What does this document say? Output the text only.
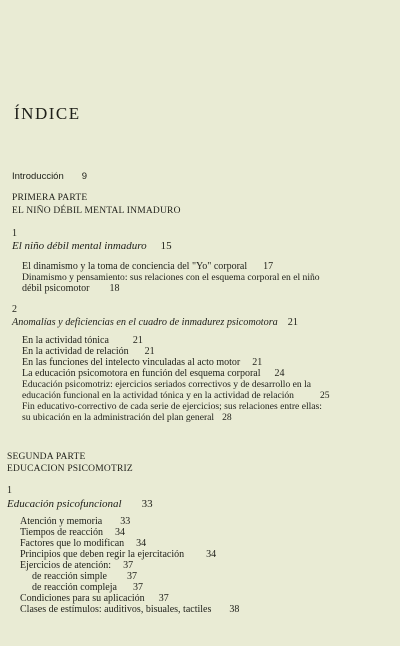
ÍNDICE
Introducción 9
PRIMERA PARTE
EL NIÑO DÉBIL MENTAL INMADURO
1
El niño débil mental inmaduro 15
El dinamismo y la toma de conciencia del "Yo" corporal 17
Dinamismo y pensamiento: sus relaciones con el esquema corporal en el niño
débil psicomotor 18
2
Anomalías y deficiencias en el cuadro de inmadurez psicomotora 21
En la actividad tónica 21
En la actividad de relación 21
En las funciones del intelecto vinculadas al acto motor 21
La educación psicomotora en función del esquema corporal 24
Educación psicomotriz: ejercicios seriados correctivos y de desarrollo en la
educación funcional en la actividad tónica y en la actividad de relación	25
Fin educativo-correctivo de cada serie de ejercicios; sus relaciones entre ellas:
su ubicación en la administración del plan general 28
SEGUNDA PARTE
EDUCACION PSICOMOTRIZ
1
Educación psicofuncional 33
Atención y memoria 33
Tiempos de reacción 34
Factores que lo modifican 34
Principios que deben regir la ejercitación 34
Ejercicios de atención: 37
de reacción simple 37
de reacción compleja 37
Condiciones para su aplicación 37
Clases de estímulos: auditivos, bisuales, tactiles 38
